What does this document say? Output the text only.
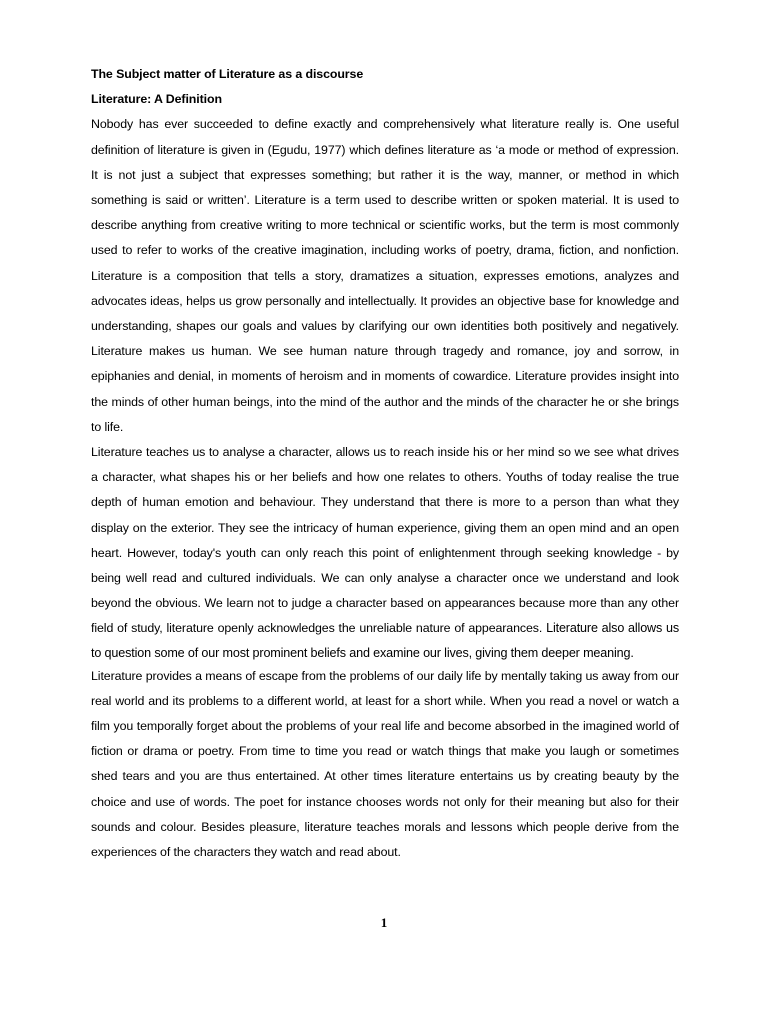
The Subject matter of Literature as a discourse

Literature: A Definition

Nobody has ever succeeded to define exactly and comprehensively what literature really is. One useful definition of literature is given in (Egudu, 1977) which defines literature as ‘a mode or method of expression. It is not just a subject that expresses something; but rather it is the way, manner, or method in which something is said or written’. Literature is a term used to describe written or spoken material. It is used to describe anything from creative writing to more technical or scientific works, but the term is most commonly used to refer to works of the creative imagination, including works of poetry, drama, fiction, and nonfiction. Literature is a composition that tells a story, dramatizes a situation, expresses emotions, analyzes and advocates ideas, helps us grow personally and intellectually. It provides an objective base for knowledge and understanding, shapes our goals and values by clarifying our own identities both positively and negatively. Literature makes us human. We see human nature through tragedy and romance, joy and sorrow, in epiphanies and denial, in moments of heroism and in moments of cowardice. Literature provides insight into the minds of other human beings, into the mind of the author and the minds of the character he or she brings to life.

Literature teaches us to analyse a character, allows us to reach inside his or her mind so we see what drives a character, what shapes his or her beliefs and how one relates to others. Youths of today realise the true depth of human emotion and behaviour. They understand that there is more to a person than what they display on the exterior. They see the intricacy of human experience, giving them an open mind and an open heart. However, today's youth can only reach this point of enlightenment through seeking knowledge - by being well read and cultured individuals. We can only analyse a character once we understand and look beyond the obvious. We learn not to judge a character based on appearances because more than any other field of study, literature openly acknowledges the unreliable nature of appearances. Literature also allows us to question some of our most prominent beliefs and examine our lives, giving them deeper meaning.

Literature provides a means of escape from the problems of our daily life by mentally taking us away from our real world and its problems to a different world, at least for a short while. When you read a novel or watch a film you temporally forget about the problems of your real life and become absorbed in the imagined world of fiction or drama or poetry. From time to time you read or watch things that make you laugh or sometimes shed tears and you are thus entertained. At other times literature entertains us by creating beauty by the choice and use of words. The poet for instance chooses words not only for their meaning but also for their sounds and colour. Besides pleasure, literature teaches morals and lessons which people derive from the experiences of the characters they watch and read about.

1
